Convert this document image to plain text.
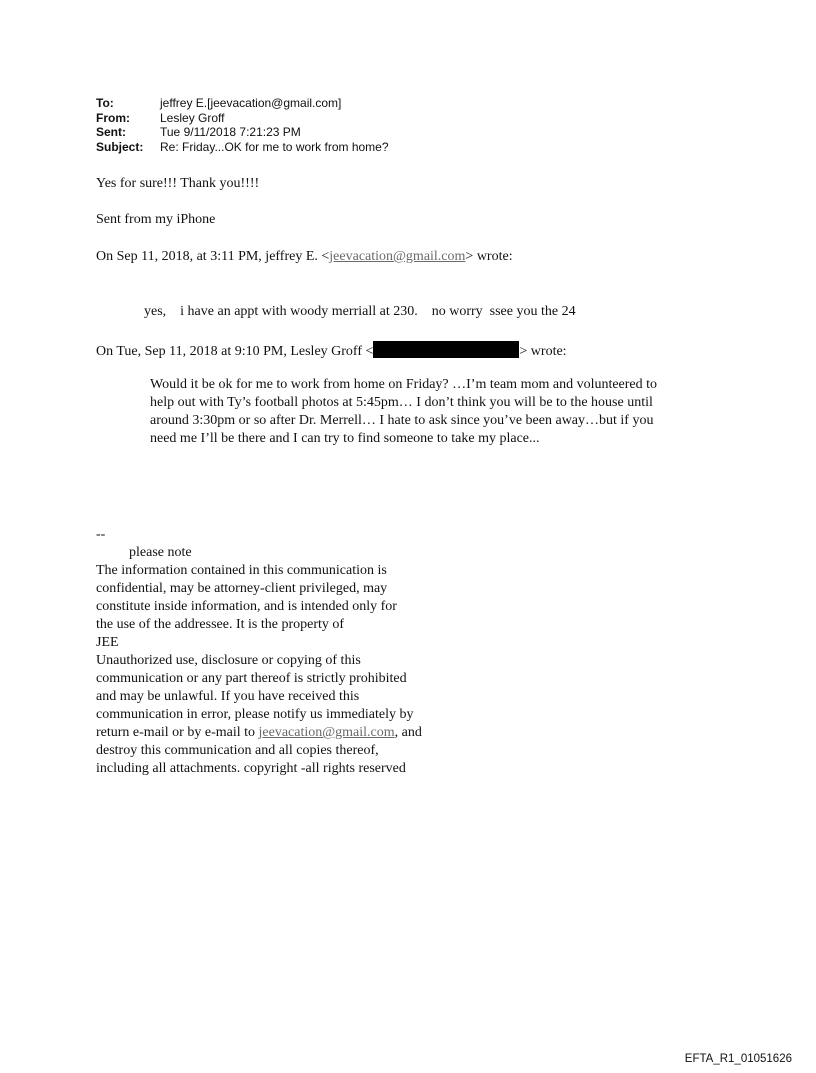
To:	jeffrey E.[jeevacation@gmail.com]
From:	Lesley Groff
Sent:	Tue 9/11/2018 7:21:23 PM
Subject:	Re: Friday...OK for me to work from home?
Yes for sure!!! Thank you!!!!
Sent from my iPhone
On Sep 11, 2018, at 3:11 PM, jeffrey E. <jeevacation@gmail.com> wrote:
yes,    i have an appt with woody merriall at 230.    no worry  ssee you the 24
On Tue, Sep 11, 2018 at 9:10 PM, Lesley Groff <	> wrote:
Would it be ok for me to work from home on Friday? …I’m team mom and volunteered to help out with Ty’s football photos at 5:45pm… I don’t think you will be to the house until around 3:30pm or so after Dr. Merrell… I hate to ask since you’ve been away…but if you need me I’ll be there and I can try to find someone to take my place...
--
please note
The information contained in this communication is
confidential, may be attorney-client privileged, may
constitute inside information, and is intended only for
the use of the addressee. It is the property of
JEE
Unauthorized use, disclosure or copying of this
communication or any part thereof is strictly prohibited
and may be unlawful. If you have received this
communication in error, please notify us immediately by
return e-mail or by e-mail to jeevacation@gmail.com, and
destroy this communication and all copies thereof,
including all attachments. copyright -all rights reserved
EFTA_R1_01051626
